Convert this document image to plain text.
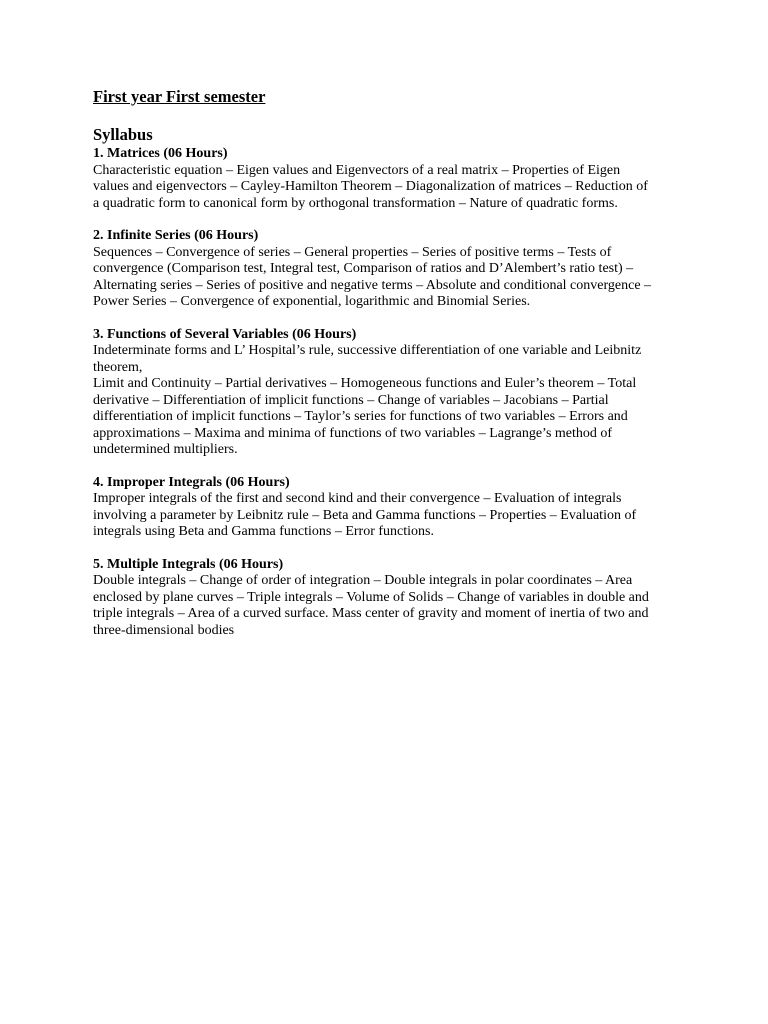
First year First semester

Syllabus

1. Matrices (06 Hours)

Characteristic equation – Eigen values and Eigenvectors of a real matrix – Properties of Eigen values and eigenvectors – Cayley-Hamilton Theorem – Diagonalization of matrices – Reduction of a quadratic form to canonical form by orthogonal transformation – Nature of quadratic forms.

2. Infinite Series (06 Hours)

Sequences – Convergence of series – General properties – Series of positive terms – Tests of convergence (Comparison test, Integral test, Comparison of ratios and D’Alembert’s ratio test) – Alternating series – Series of positive and negative terms – Absolute and conditional convergence – Power Series – Convergence of exponential, logarithmic and Binomial Series.

3. Functions of Several Variables (06 Hours)

Indeterminate forms and L’ Hospital’s rule, successive differentiation of one variable and Leibnitz theorem,
Limit and Continuity – Partial derivatives – Homogeneous functions and Euler’s theorem – Total derivative – Differentiation of implicit functions – Change of variables – Jacobians – Partial differentiation of implicit functions – Taylor’s series for functions of two variables – Errors and approximations – Maxima and minima of functions of two variables – Lagrange’s method of undetermined multipliers.

4. Improper Integrals (06 Hours)

Improper integrals of the first and second kind and their convergence – Evaluation of integrals involving a parameter by Leibnitz rule – Beta and Gamma functions – Properties – Evaluation of integrals using Beta and Gamma functions – Error functions.

5. Multiple Integrals (06 Hours)

Double integrals – Change of order of integration – Double integrals in polar coordinates – Area enclosed by plane curves – Triple integrals – Volume of Solids – Change of variables in double and triple integrals – Area of a curved surface. Mass center of gravity and moment of inertia of two and three-dimensional bodies
